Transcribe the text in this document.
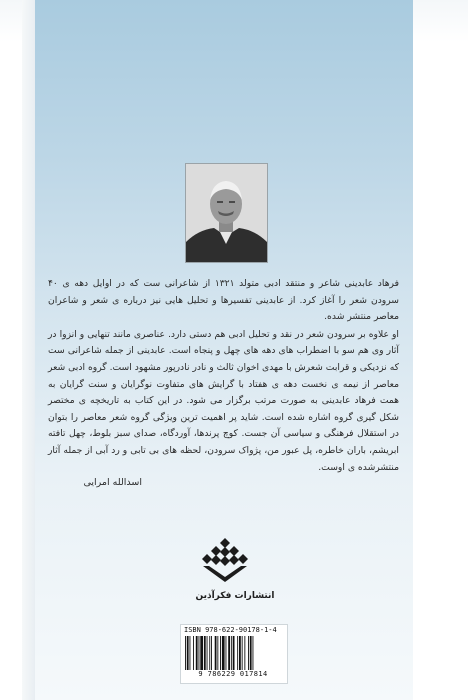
فرهاد عابدینی شاعر و منتقد ادبی متولد ۱۳۲۱ از شاعرانی ست که در اوایل دهه ی ۴۰ سرودن شعر را آغاز کرد. از عابدینی تفسیرها و تحلیل هایی نیز درباره ی شعر و شاعران معاصر منتشر شده.

او علاوه بر سرودن شعر در نقد و تحلیل ادبی هم دستی دارد. عناصری مانند تنهایی و انزوا در آثار وی هم سو با اضطراب های دهه های چهل و پنجاه است. عابدینی از جمله شاعرانی ست که نزدیکی و قرابت شعرش با مهدی اخوان ثالث و نادر نادرپور مشهود است. گروه ادبی شعر معاصر از نیمه ی نخست دهه ی هفتاد با گرایش های متفاوت نوگرایان و سنت گرایان به همت فرهاد عابدینی به صورت مرتب برگزار می شود. در این کتاب به تاریخچه ی مختصر شکل گیری گروه اشاره شده است. شاید پر اهمیت ترین ویژگی گروه شعر معاصر را بتوان در استقلال فرهنگی و سیاسی آن جست. کوچ پرندها، آوردگاه، صدای سبز بلوط، چهل تافته ابریشم، باران خاطره، پل عبور من، پژواک سرودن، لحظه های بی تابی و رد آبی از جمله آثار منتشرشده ی اوست.

اسدالله امرایی
انتشارات فکرآذین
ISBN 978-622-90178-1-4
9 786229 017814
